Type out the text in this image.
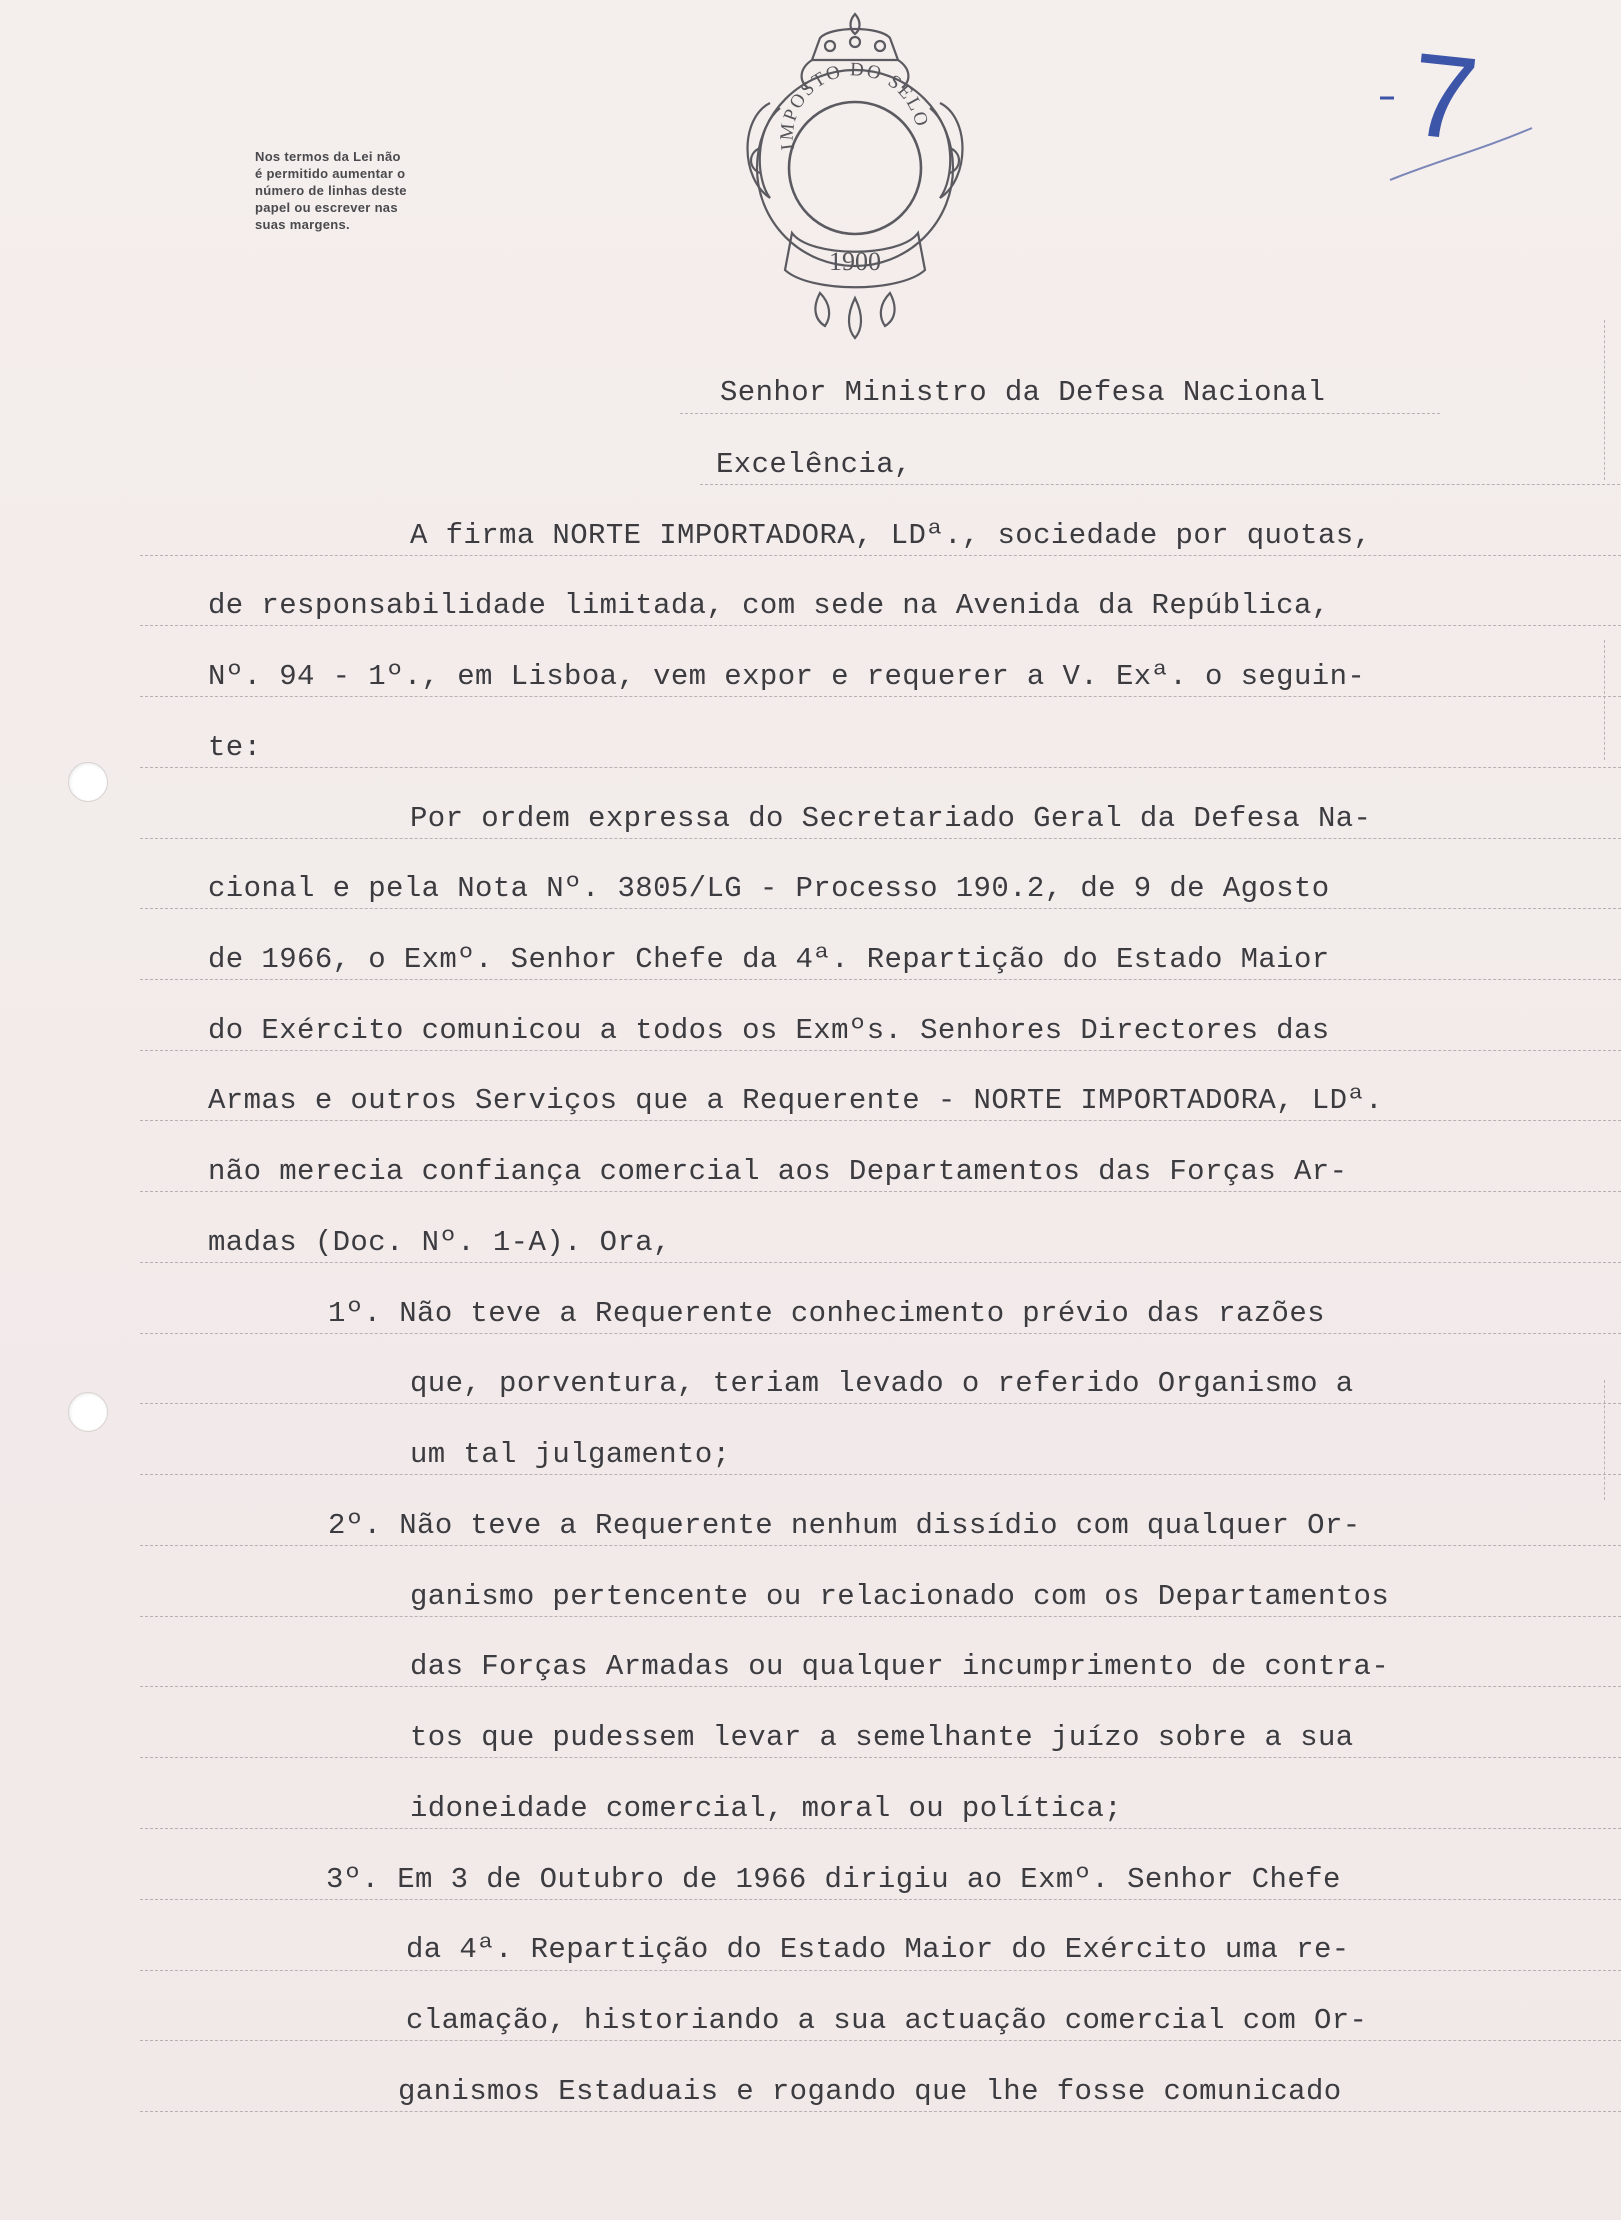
Nos termos da Lei não
é permitido aumentar o
número de linhas deste
papel ou escrever nas
suas margens.
IMPOSTO DO SELO
1900
7
Senhor Ministro da Defesa Nacional
Excelência,
A firma NORTE IMPORTADORA, LDª., sociedade por quotas,
de responsabilidade limitada, com sede na Avenida da República,
Nº. 94 - 1º., em Lisboa, vem expor e requerer a V. Exª. o seguin-
te:
Por ordem expressa do Secretariado Geral da Defesa Na-
cional e pela Nota Nº. 3805/LG - Processo 190.2, de 9 de Agosto
de 1966, o Exmº. Senhor Chefe da 4ª. Repartição do Estado Maior
do Exército comunicou a todos os Exmºs. Senhores Directores das
Armas e outros Serviços que a Requerente - NORTE IMPORTADORA, LDª.
não merecia confiança comercial aos Departamentos das Forças Ar-
madas (Doc. Nº. 1-A). Ora,
1º. Não teve a Requerente conhecimento prévio das razões
que, porventura, teriam levado o referido Organismo a
um tal julgamento;
2º. Não teve a Requerente nenhum dissídio com qualquer Or-
ganismo pertencente ou relacionado com os Departamentos
das Forças Armadas ou qualquer incumprimento de contra-
tos que pudessem levar a semelhante juízo sobre a sua
idoneidade comercial, moral ou política;
3º. Em 3 de Outubro de 1966 dirigiu ao Exmº. Senhor Chefe
da 4ª. Repartição do Estado Maior do Exército uma re-
clamação, historiando a sua actuação comercial com Or-
ganismos Estaduais e rogando que lhe fosse comunicado
